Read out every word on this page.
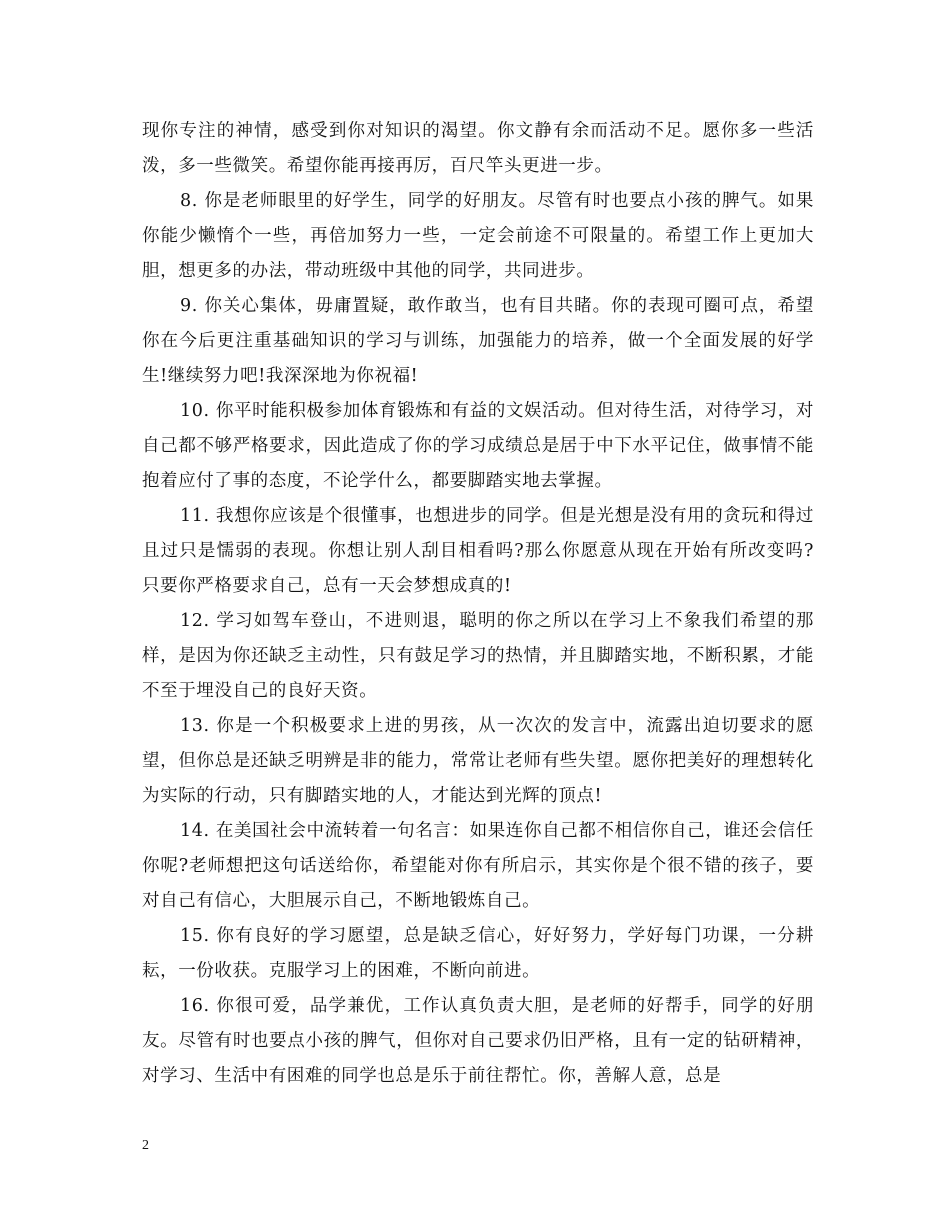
现你专注的神情，感受到你对知识的渴望。你文静有余而活动不足。愿你多一些活泼，多一些微笑。希望你能再接再厉，百尺竿头更进一步。

8. 你是老师眼里的好学生，同学的好朋友。尽管有时也要点小孩的脾气。如果你能少懒惰个一些，再倍加努力一些，一定会前途不可限量的。希望工作上更加大胆，想更多的办法，带动班级中其他的同学，共同进步。

9. 你关心集体，毋庸置疑，敢作敢当，也有目共睹。你的表现可圈可点，希望你在今后更注重基础知识的学习与训练，加强能力的培养，做一个全面发展的好学生!继续努力吧!我深深地为你祝福!

10. 你平时能积极参加体育锻炼和有益的文娱活动。但对待生活，对待学习，对自己都不够严格要求，因此造成了你的学习成绩总是居于中下水平记住，做事情不能抱着应付了事的态度，不论学什么，都要脚踏实地去掌握。

11. 我想你应该是个很懂事，也想进步的同学。但是光想是没有用的贪玩和得过且过只是懦弱的表现。你想让别人刮目相看吗?那么你愿意从现在开始有所改变吗? 只要你严格要求自己，总有一天会梦想成真的!

12. 学习如驾车登山，不进则退，聪明的你之所以在学习上不象我们希望的那样，是因为你还缺乏主动性，只有鼓足学习的热情，并且脚踏实地，不断积累，才能不至于埋没自己的良好天资。

13. 你是一个积极要求上进的男孩，从一次次的发言中，流露出迫切要求的愿望，但你总是还缺乏明辨是非的能力，常常让老师有些失望。愿你把美好的理想转化为实际的行动，只有脚踏实地的人，才能达到光辉的顶点!

14. 在美国社会中流转着一句名言：如果连你自己都不相信你自己，谁还会信任你呢?老师想把这句话送给你，希望能对你有所启示，其实你是个很不错的孩子，要对自己有信心，大胆展示自己，不断地锻炼自己。

15. 你有良好的学习愿望，总是缺乏信心，好好努力，学好每门功课，一分耕耘，一份收获。克服学习上的困难，不断向前进。

16. 你很可爱，品学兼优，工作认真负责大胆，是老师的好帮手，同学的好朋友。尽管有时也要点小孩的脾气，但你对自己要求仍旧严格，且有一定的钻研精神，对学习、生活中有困难的同学也总是乐于前往帮忙。你，善解人意，总是

2
